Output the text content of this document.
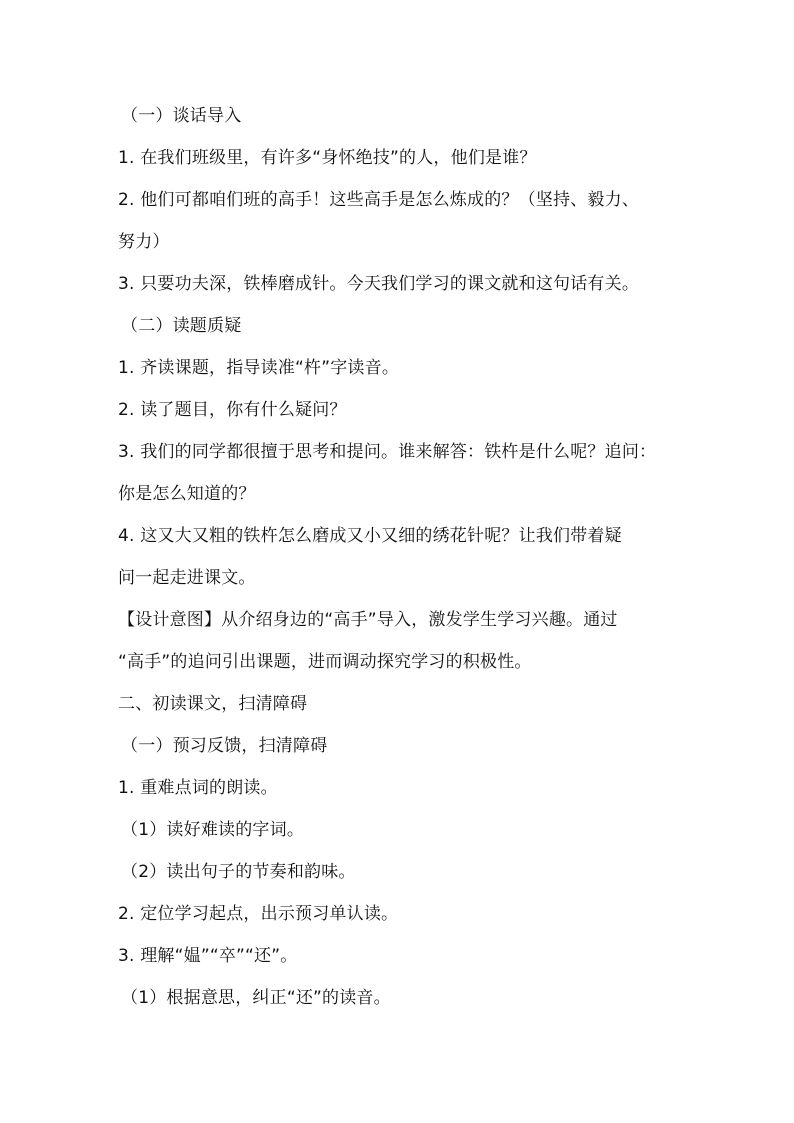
（一）谈话导入
1. 在我们班级里，有许多“身怀绝技”的人，他们是谁？
2. 他们可都咱们班的高手！这些高手是怎么炼成的？（坚持、毅力、
努力）
3. 只要功夫深，铁棒磨成针。今天我们学习的课文就和这句话有关。
（二）读题质疑
1. 齐读课题，指导读准“杵”字读音。
2. 读了题目，你有什么疑问？
3. 我们的同学都很擅于思考和提问。谁来解答：铁杵是什么呢？追问：
你是怎么知道的？
4. 这又大又粗的铁杵怎么磨成又小又细的绣花针呢？让我们带着疑
问一起走进课文。
【设计意图】从介绍身边的“高手”导入，激发学生学习兴趣。通过
“高手”的追问引出课题，进而调动探究学习的积极性。
二、初读课文，扫清障碍
（一）预习反馈，扫清障碍
1. 重难点词的朗读。
（1）读好难读的字词。
（2）读出句子的节奏和韵味。
2. 定位学习起点，出示预习单认读。
3. 理解“媪”“卒”“还”。
（1）根据意思，纠正“还”的读音。
